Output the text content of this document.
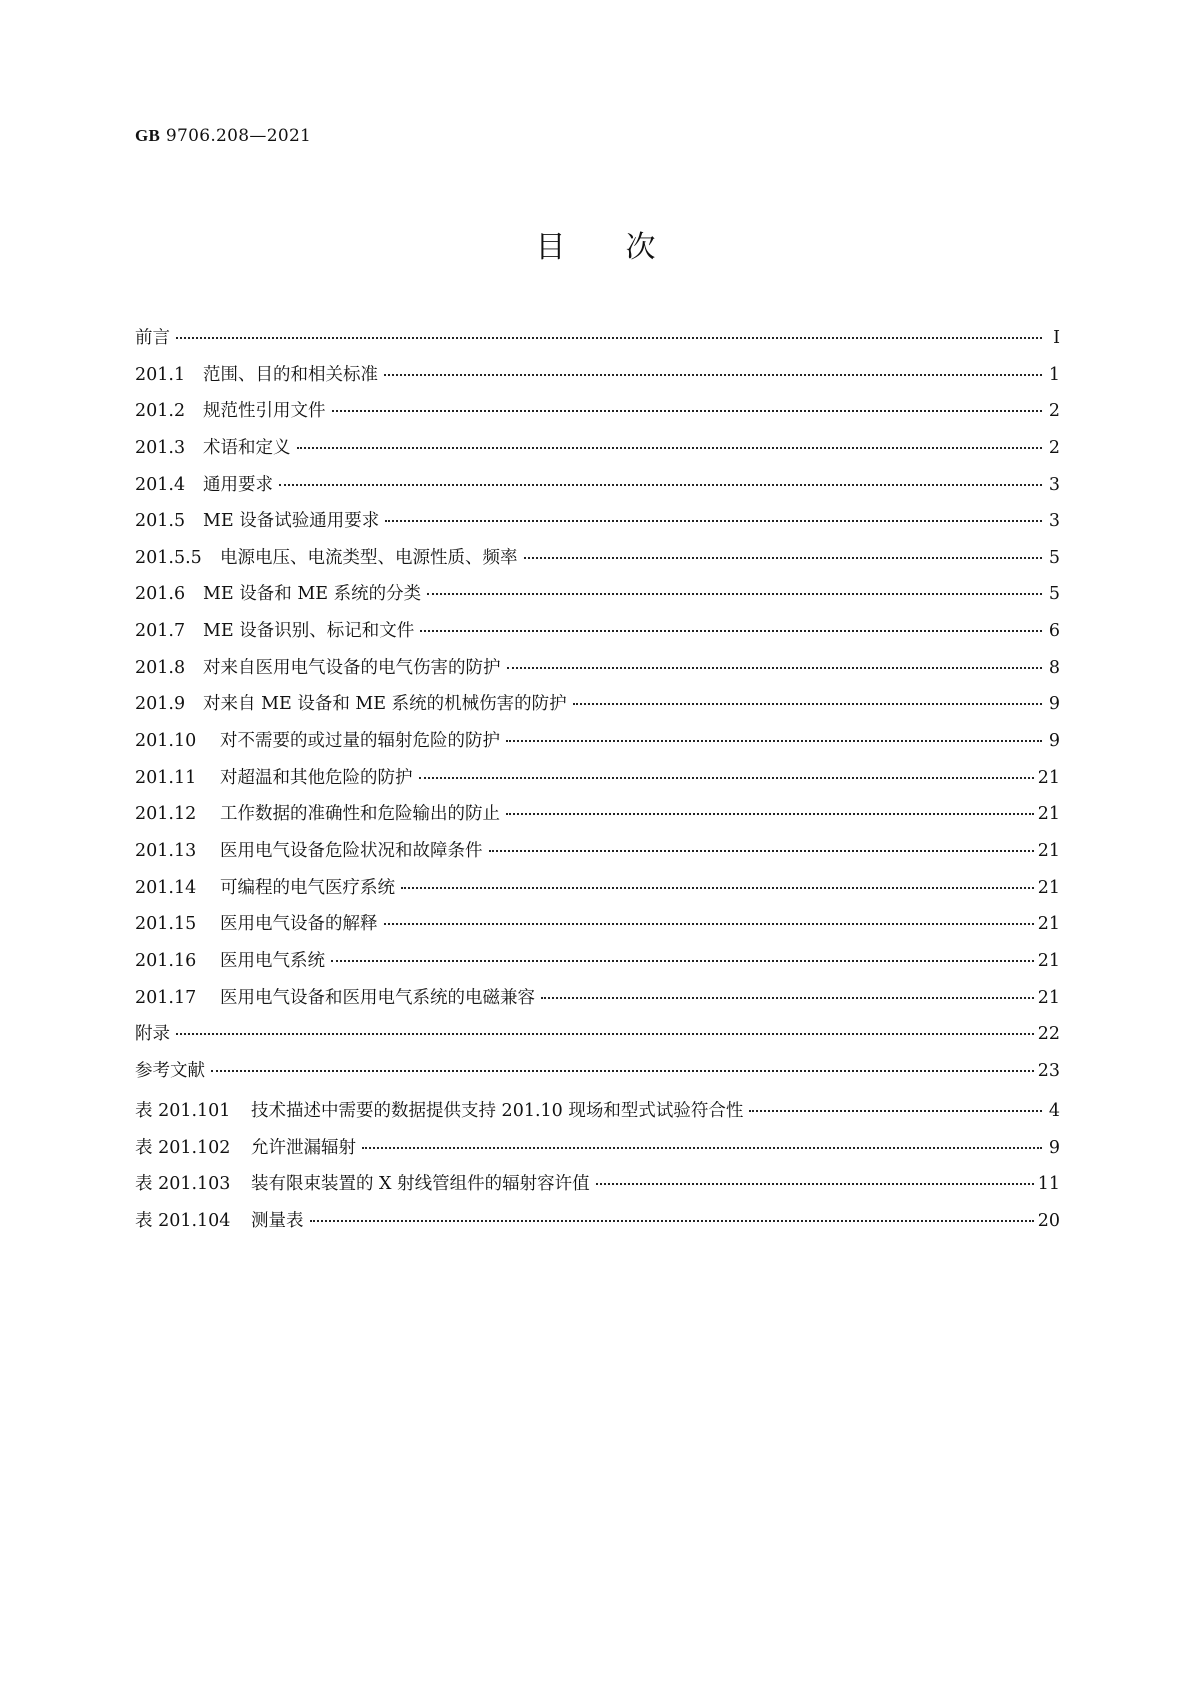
GB 9706.208—2021
目次
前言	Ⅰ
201.1	范围、目的和相关标准	1
201.2	规范性引用文件	2
201.3	术语和定义	2
201.4	通用要求	3
201.5	ME 设备试验通用要求	3
201.5.5	电源电压、电流类型、电源性质、频率	5
201.6	ME 设备和 ME 系统的分类	5
201.7	ME 设备识别、标记和文件	6
201.8	对来自医用电气设备的电气伤害的防护	8
201.9	对来自 ME 设备和 ME 系统的机械伤害的防护	9
201.10	对不需要的或过量的辐射危险的防护	9
201.11	对超温和其他危险的防护	21
201.12	工作数据的准确性和危险输出的防止	21
201.13	医用电气设备危险状况和故障条件	21
201.14	可编程的电气医疗系统	21
201.15	医用电气设备的解释	21
201.16	医用电气系统	21
201.17	医用电气设备和医用电气系统的电磁兼容	21
附录	22
参考文献	23
表 201.101	技术描述中需要的数据提供支持 201.10 现场和型式试验符合性	4
表 201.102	允许泄漏辐射	9
表 201.103	装有限束装置的 X 射线管组件的辐射容许值	11
表 201.104	测量表	20
